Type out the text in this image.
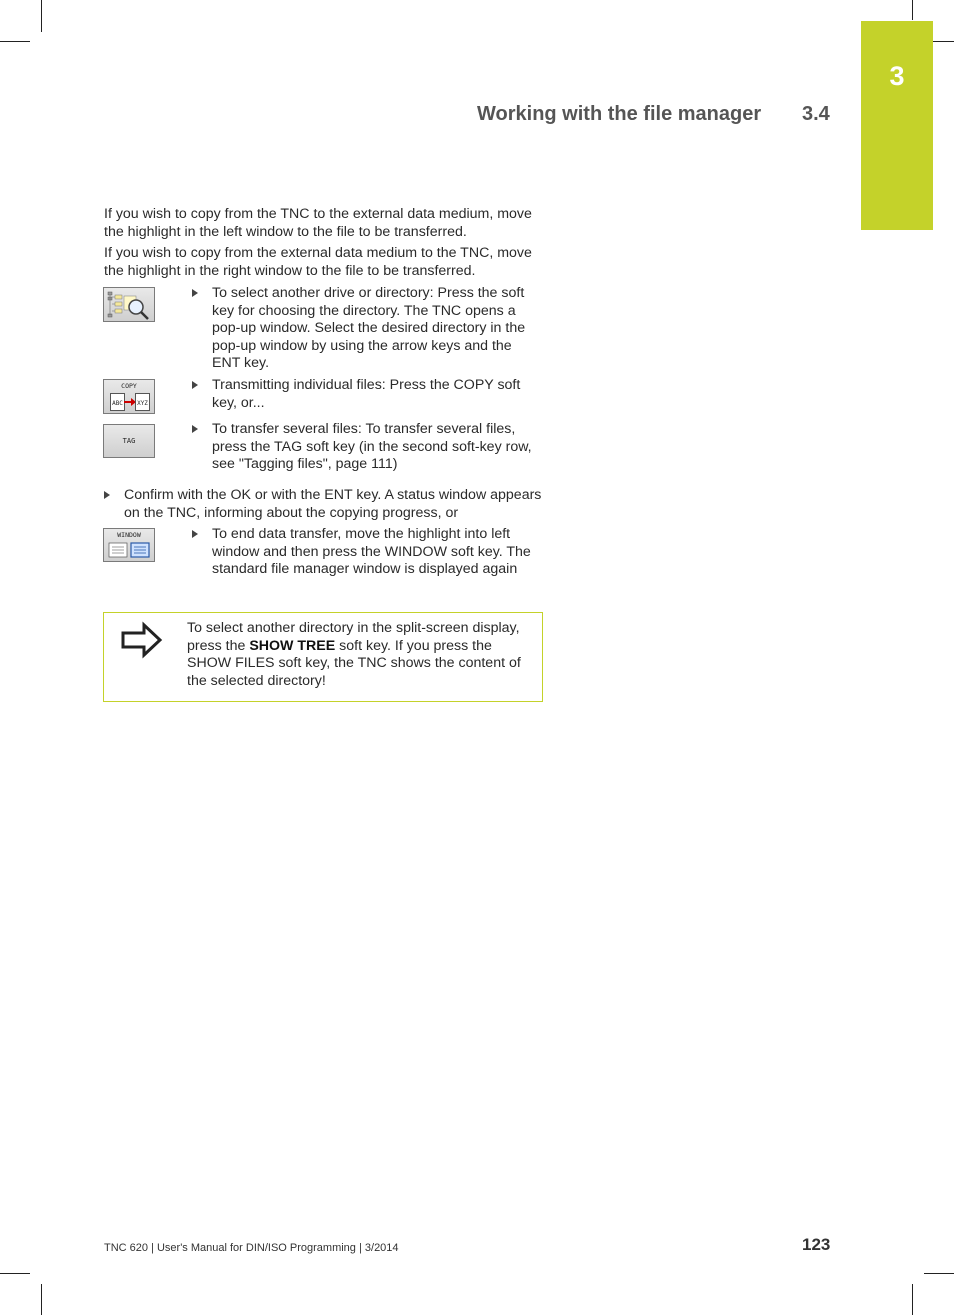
3
Working with the file manager 3.4

If you wish to copy from the TNC to the external data medium, move the highlight in the left window to the file to be transferred.

If you wish to copy from the external data medium to the TNC, move the highlight in the right window to the file to be transferred.

COPY
ABC XYZ
TAG
WINDOW
To select another drive or directory: Press the soft key for choosing the directory. The TNC opens a pop-up window. Select the desired directory in the pop-up window by using the arrow keys and the ENT key.
Transmitting individual files: Press the COPY soft key, or...
To transfer several files: To transfer several files, press the TAG soft key (in the second soft-key row, see "Tagging files", page 111)
Confirm with the OK or with the ENT key. A status window appears on the TNC, informing about the copying progress, or
To end data transfer, move the highlight into left window and then press the WINDOW soft key. The standard file manager window is displayed again
To select another directory in the split-screen display, press the SHOW TREE soft key. If you press the SHOW FILES soft key, the TNC shows the content of the selected directory!
TNC 620 | User's Manual for DIN/ISO Programming | 3/2014	123
